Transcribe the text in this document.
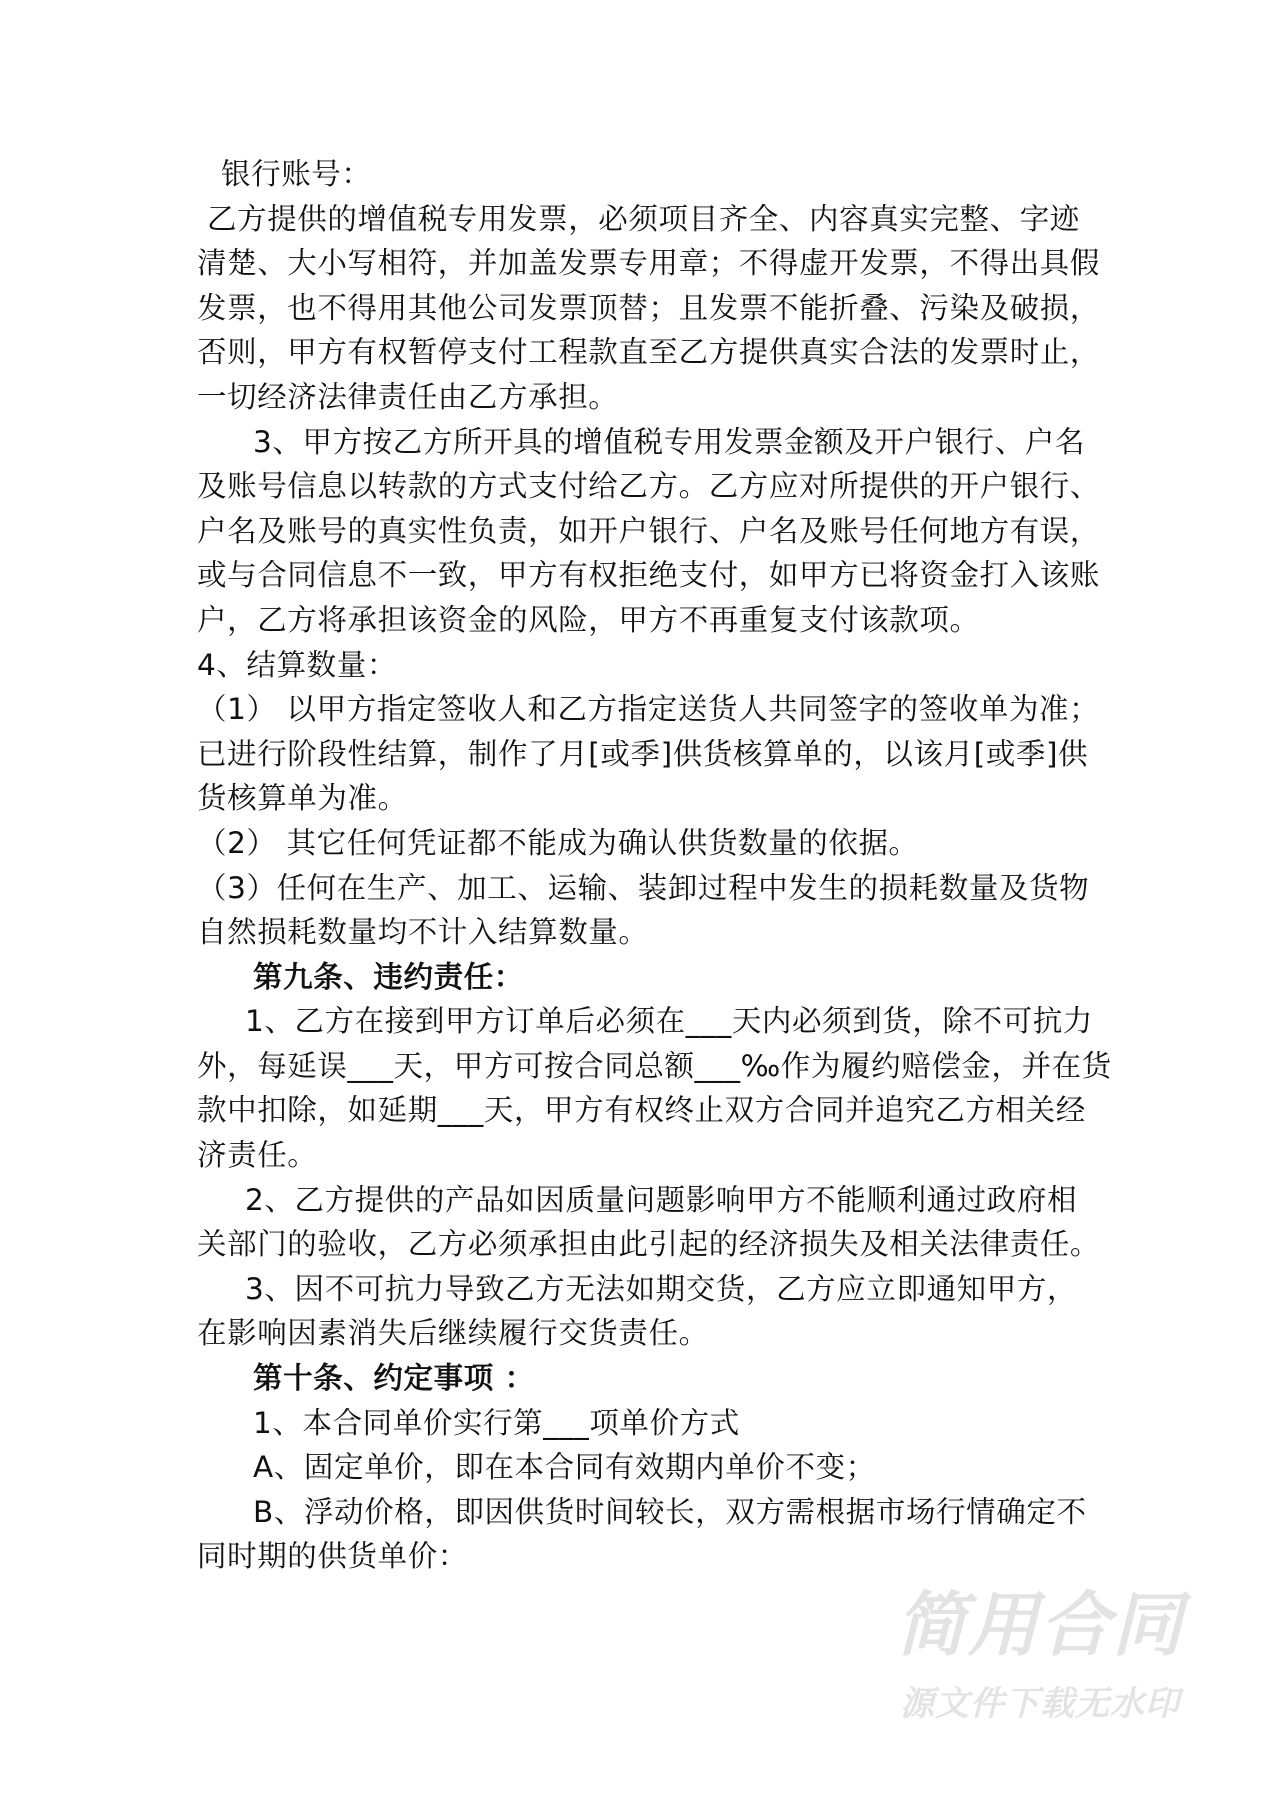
银行账号：
乙方提供的增值税专用发票，必须项目齐全、内容真实完整、字迹
清楚、大小写相符，并加盖发票专用章；不得虚开发票，不得出具假
发票，也不得用其他公司发票顶替；且发票不能折叠、污染及破损，
否则，甲方有权暂停支付工程款直至乙方提供真实合法的发票时止，
一切经济法律责任由乙方承担。
3、甲方按乙方所开具的增值税专用发票金额及开户银行、户名
及账号信息以转款的方式支付给乙方。乙方应对所提供的开户银行、
户名及账号的真实性负责，如开户银行、户名及账号任何地方有误，
或与合同信息不一致，甲方有权拒绝支付，如甲方已将资金打入该账
户，乙方将承担该资金的风险，甲方不再重复支付该款项。
4、结算数量：
（1） 以甲方指定签收人和乙方指定送货人共同签字的签收单为准；
已进行阶段性结算，制作了月[或季]供货核算单的，以该月[或季]供
货核算单为准。
（2） 其它任何凭证都不能成为确认供货数量的依据。
（3）任何在生产、加工、运输、装卸过程中发生的损耗数量及货物
自然损耗数量均不计入结算数量。
第九条、违约责任：
1、乙方在接到甲方订单后必须在___天内必须到货，除不可抗力
外，每延误___天，甲方可按合同总额___‰作为履约赔偿金，并在货
款中扣除，如延期___天，甲方有权终止双方合同并追究乙方相关经
济责任。
2、乙方提供的产品如因质量问题影响甲方不能顺利通过政府相
关部门的验收，乙方必须承担由此引起的经济损失及相关法律责任。
3、因不可抗力导致乙方无法如期交货，乙方应立即通知甲方，
在影响因素消失后继续履行交货责任。
第十条、约定事项 ：
1、本合同单价实行第___项单价方式
A、固定单价，即在本合同有效期内单价不变；
B、浮动价格，即因供货时间较长，双方需根据市场行情确定不
同时期的供货单价：
简用合同
源文件下载无水印
